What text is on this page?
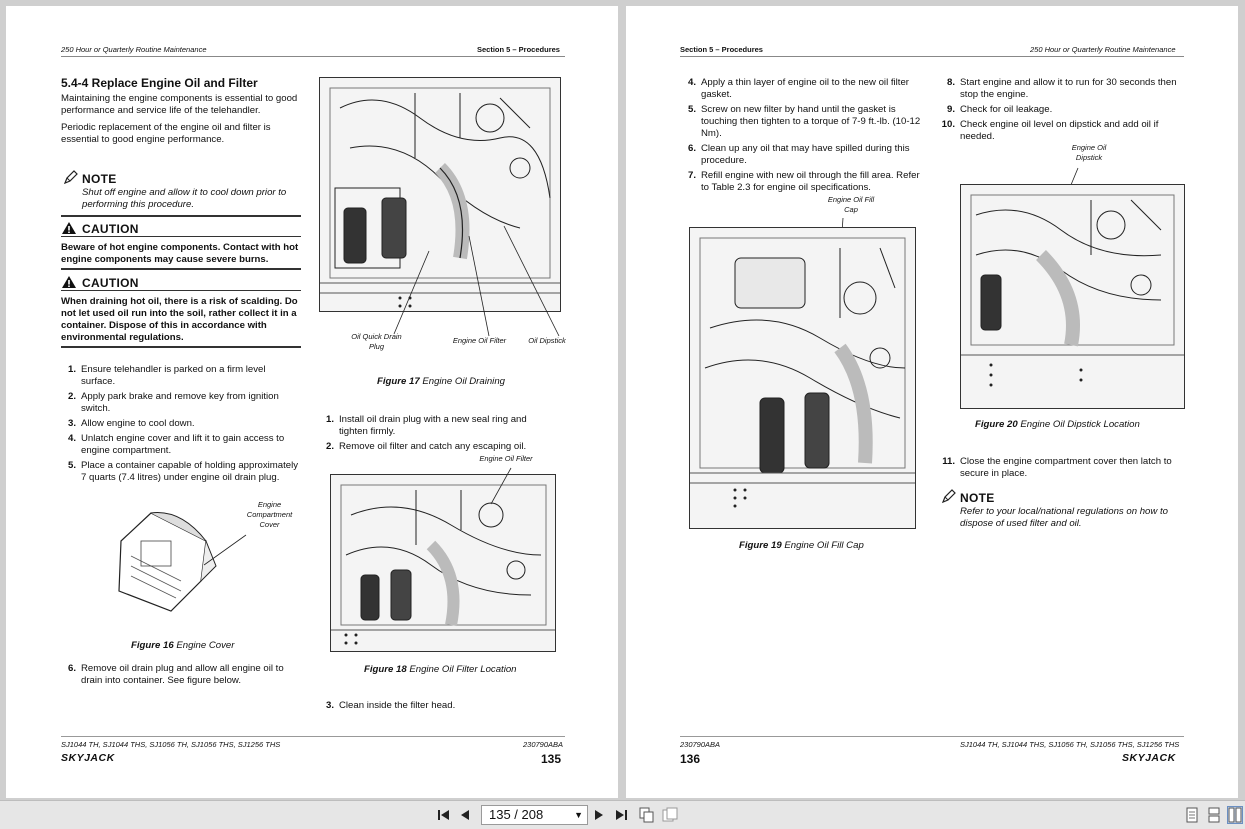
250 Hour or Quarterly Routine Maintenance	Section 5 – Procedures
5.4-4 Replace Engine Oil and Filter
Maintaining the engine components is essential to good performance and service life of the telehandler.
Periodic replacement of the engine oil and filter is essential to good engine performance.
NOTE
Shut off engine and allow it to cool down prior to performing this procedure.
CAUTION
Beware of hot engine components. Contact with hot engine components may cause severe burns.
CAUTION
When draining hot oil, there is a risk of scalding. Do not let used oil run into the soil, rather collect it in a container. Dispose of this in accordance with environmental regulations.
1. Ensure telehandler is parked on a firm level surface.
2. Apply park brake and remove key from ignition switch.
3. Allow engine to cool down.
4. Unlatch engine cover and lift it to gain access to engine compartment.
5. Place a container capable of holding approximately 7 quarts (7.4 litres) under engine oil drain plug.
Engine Compartment Cover
Figure 16 Engine Cover
6. Remove oil drain plug and allow all engine oil to drain into container. See figure below.
Oil Quick Drain Plug
Engine Oil Filter	Oil Dipstick
Figure 17 Engine Oil Draining
1. Install oil drain plug with a new seal ring and tighten firmly.
2. Remove oil filter and catch any escaping oil.
Engine Oil Filter
Figure 18 Engine Oil Filter Location
3. Clean inside the filter head.
SJ1044 TH, SJ1044 THS, SJ1056 TH, SJ1056 THS, SJ1256 THS	230790ABA
SKYJACK	135
Section 5 – Procedures	250 Hour or Quarterly Routine Maintenance
4. Apply a thin layer of engine oil to the new oil filter gasket.
5. Screw on new filter by hand until the gasket is touching then tighten to a torque of 7-9 ft.-lb. (10-12 Nm).
6. Clean up any oil that may have spilled during this procedure.
7. Refill engine with new oil through the fill area. Refer to Table 2.3 for engine oil specifications.
Engine Oil Fill Cap
Figure 19 Engine Oil Fill Cap
8. Start engine and allow it to run for 30 seconds then stop the engine.
9. Check for oil leakage.
10. Check engine oil level on dipstick and add oil if needed.
Engine Oil Dipstick
Figure 20 Engine Oil Dipstick Location
11. Close the engine compartment cover then latch to secure in place.
NOTE
Refer to your local/national regulations on how to dispose of used filter and oil.
230790ABA	SJ1044 TH, SJ1044 THS, SJ1056 TH, SJ1056 THS, SJ1256 THS
136	SKYJACK
135 / 208	▼
